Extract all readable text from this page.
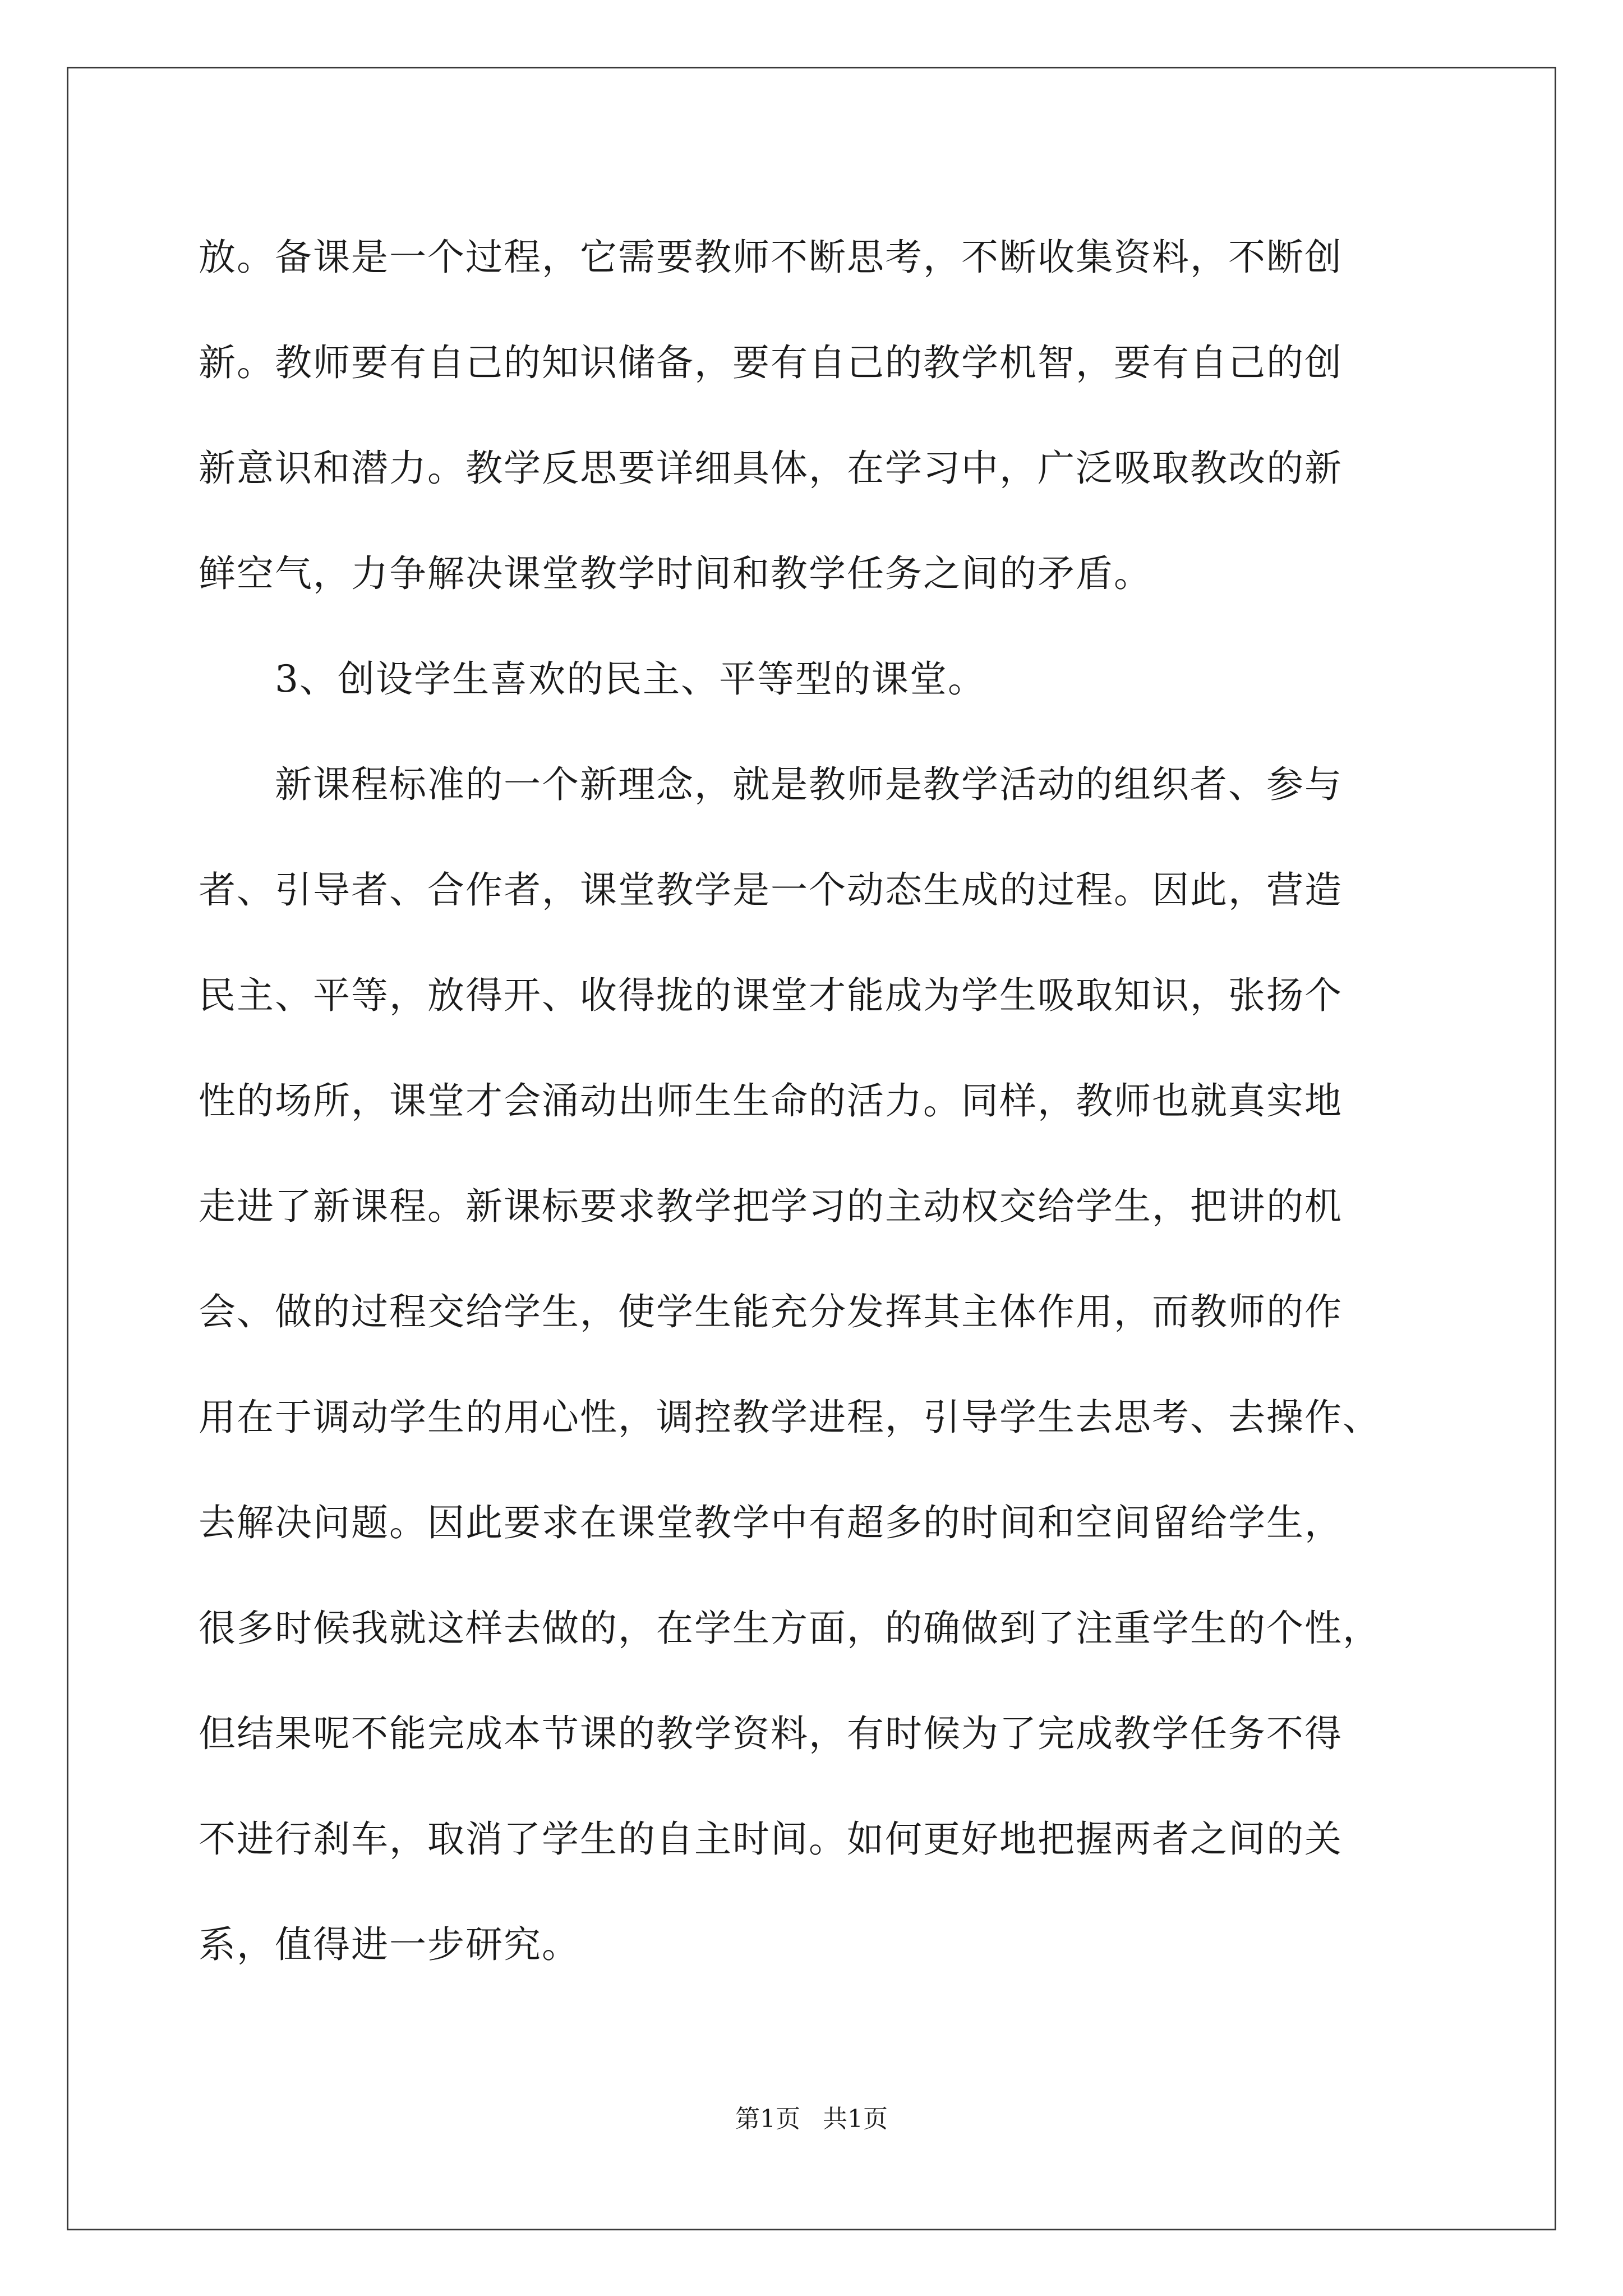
放。备课是一个过程，它需要教师不断思考，不断收集资料，不断创
新。教师要有自己的知识储备，要有自己的教学机智，要有自己的创
新意识和潜力。教学反思要详细具体，在学习中，广泛吸取教改的新
鲜空气，力争解决课堂教学时间和教学任务之间的矛盾。
3、创设学生喜欢的民主、平等型的课堂。
新课程标准的一个新理念，就是教师是教学活动的组织者、参与
者、引导者、合作者，课堂教学是一个动态生成的过程。因此，营造
民主、平等，放得开、收得拢的课堂才能成为学生吸取知识，张扬个
性的场所，课堂才会涌动出师生生命的活力。同样，教师也就真实地
走进了新课程。新课标要求教学把学习的主动权交给学生，把讲的机
会、做的过程交给学生，使学生能充分发挥其主体作用，而教师的作
用在于调动学生的用心性，调控教学进程，引导学生去思考、去操作、
去解决问题。因此要求在课堂教学中有超多的时间和空间留给学生，
很多时候我就这样去做的，在学生方面，的确做到了注重学生的个性，
但结果呢不能完成本节课的教学资料，有时候为了完成教学任务不得
不进行刹车，取消了学生的自主时间。如何更好地把握两者之间的关
系，值得进一步研究。
第1页 共1页
